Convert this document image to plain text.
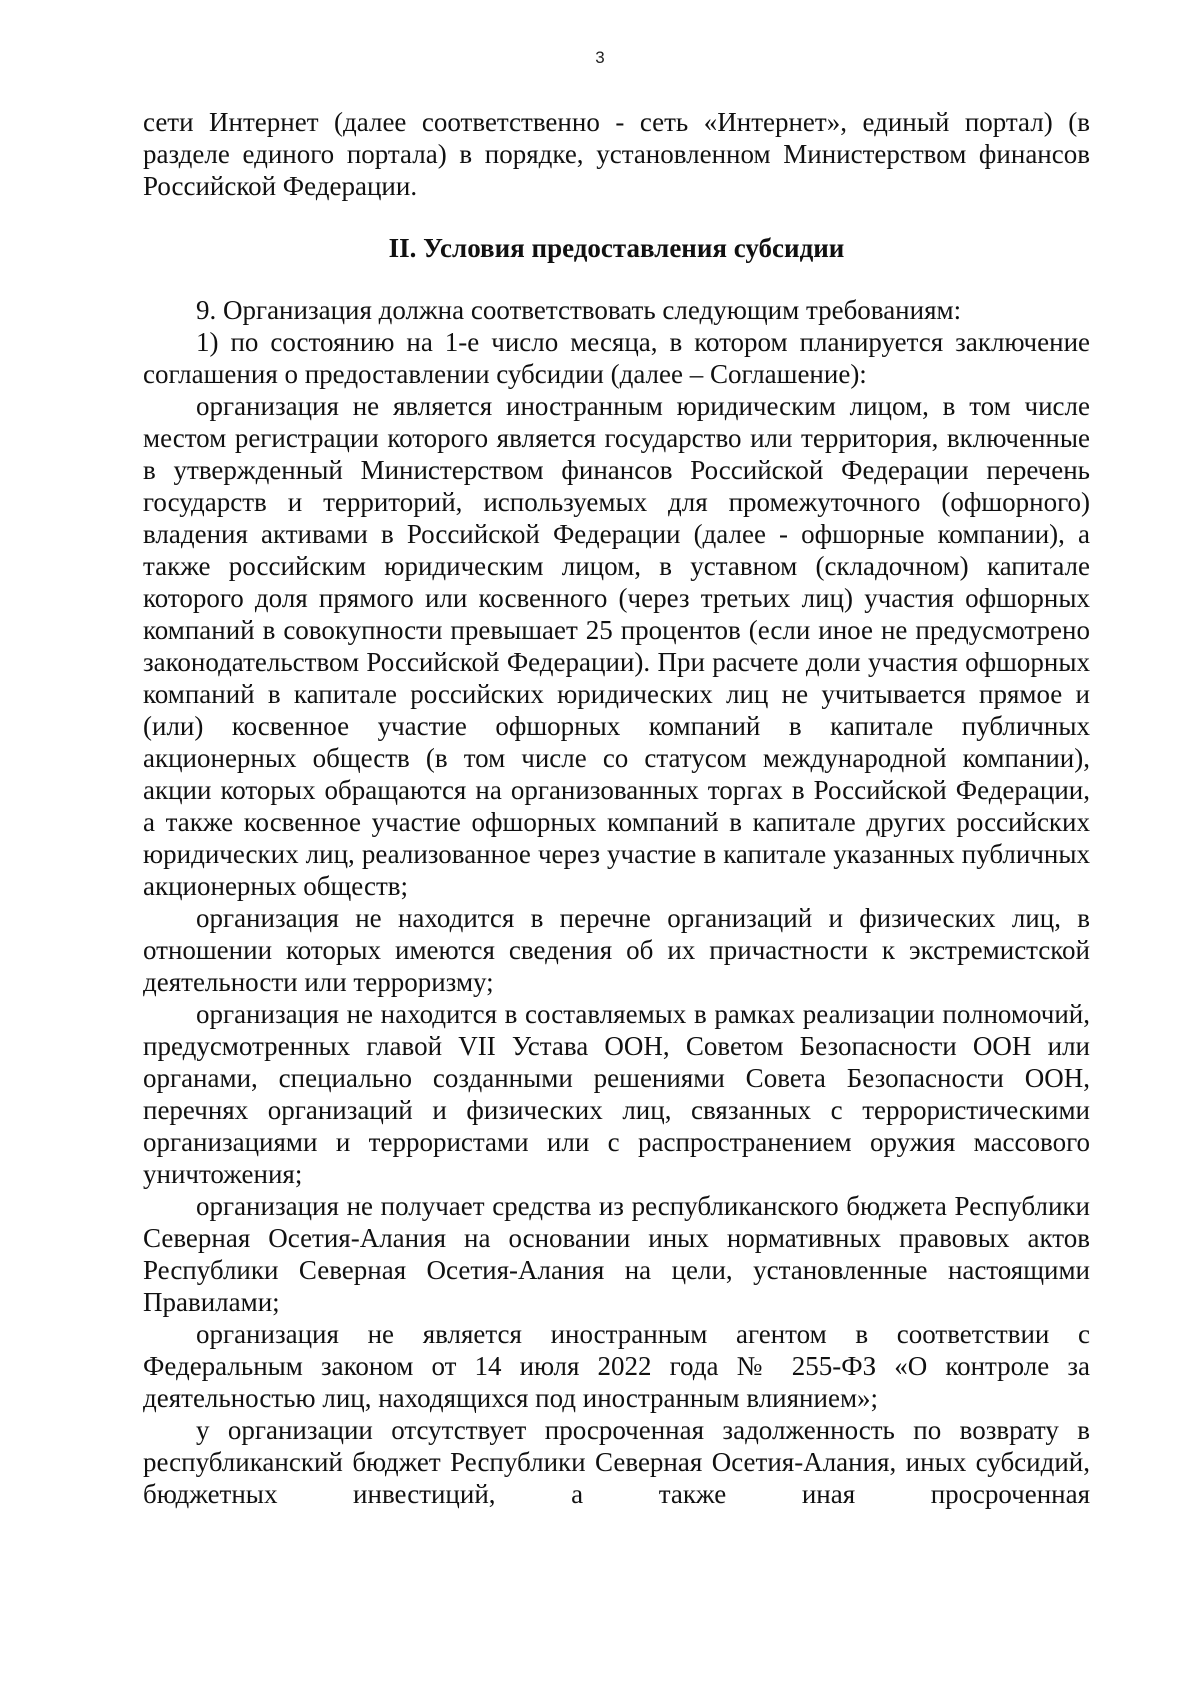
3

сети Интернет (далее соответственно - сеть «Интернет», единый портал) (в разделе единого портала) в порядке, установленном Министерством финансов Российской Федерации.

II. Условия предоставления субсидии

9. Организация должна соответствовать следующим требованиям:

1) по состоянию на 1-е число месяца, в котором планируется заключение соглашения о предоставлении субсидии (далее – Соглашение):

организация не является иностранным юридическим лицом, в том числе местом регистрации которого является государство или территория, включенные в утвержденный Министерством финансов Российской Федерации перечень государств и территорий, используемых для промежуточного (офшорного) владения активами в Российской Федерации (далее - офшорные компании), а также российским юридическим лицом, в уставном (складочном) капитале которого доля прямого или косвенного (через третьих лиц) участия офшорных компаний в совокупности превышает 25 процентов (если иное не предусмотрено законодательством Российской Федерации). При расчете доли участия офшорных компаний в капитале российских юридических лиц не учитывается прямое и (или) косвенное участие офшорных компаний в капитале публичных акционерных обществ (в том числе со статусом международной компании), акции которых обращаются на организованных торгах в Российской Федерации, а также косвенное участие офшорных компаний в капитале других российских юридических лиц, реализованное через участие в капитале указанных публичных акционерных обществ;

организация не находится в перечне организаций и физических лиц, в отношении которых имеются сведения об их причастности к экстремистской деятельности или терроризму;

организация не находится в составляемых в рамках реализации полномочий, предусмотренных главой VII Устава ООН, Советом Безопасности ООН или органами, специально созданными решениями Совета Безопасности ООН, перечнях организаций и физических лиц, связанных с террористическими организациями и террористами или с распространением оружия массового уничтожения;

организация не получает средства из республиканского бюджета Республики Северная Осетия-Алания на основании иных нормативных правовых актов Республики Северная Осетия-Алания на цели, установленные настоящими Правилами;

организация не является иностранным агентом в соответствии с Федеральным законом от 14 июля 2022 года № 255-ФЗ «О контроле за деятельностью лиц, находящихся под иностранным влиянием»;

у организации отсутствует просроченная задолженность по возврату в республиканский бюджет Республики Северная Осетия-Алания, иных субсидий, бюджетных инвестиций, а также иная просроченная
